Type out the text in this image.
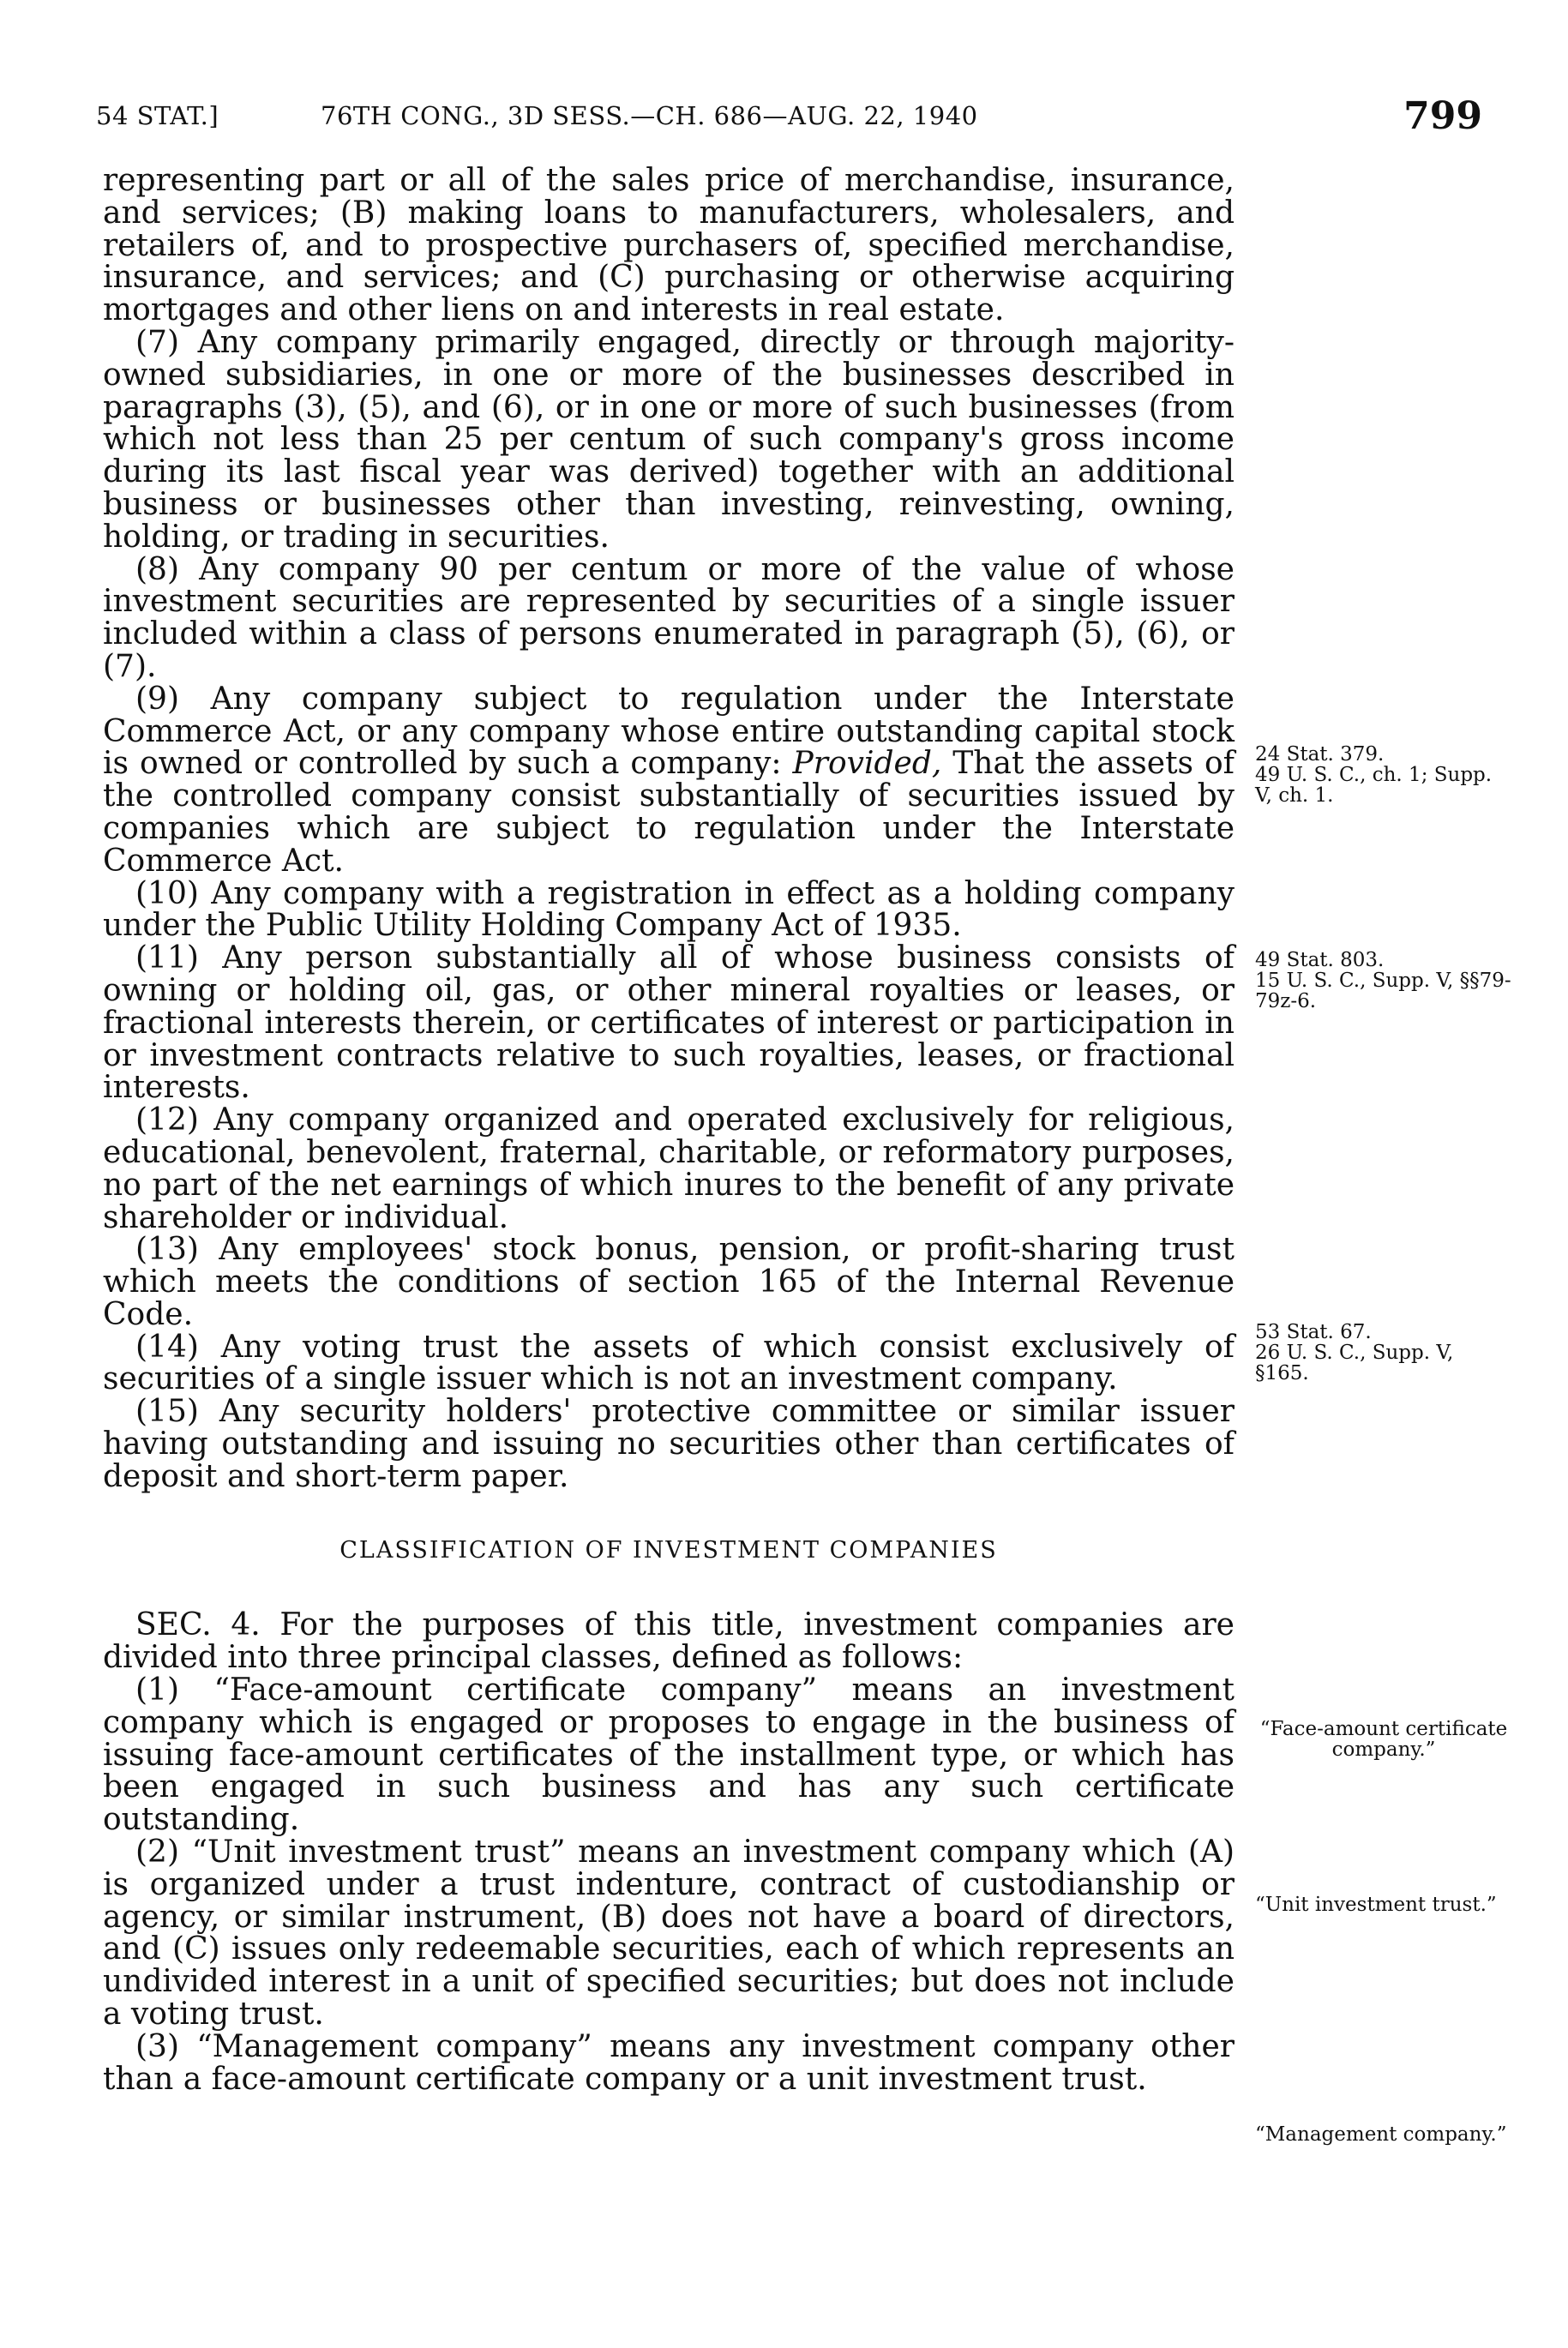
54 STAT.]	76TH CONG., 3D SESS.—CH. 686—AUG. 22, 1940	799

representing part or all of the sales price of merchandise, insurance, and services; (B) making loans to manufacturers, wholesalers, and retailers of, and to prospective purchasers of, specified merchandise, insurance, and services; and (C) purchasing or otherwise acquiring mortgages and other liens on and interests in real estate.

(7) Any company primarily engaged, directly or through majority-owned subsidiaries, in one or more of the businesses described in paragraphs (3), (5), and (6), or in one or more of such businesses (from which not less than 25 per centum of such company's gross income during its last fiscal year was derived) together with an additional business or businesses other than investing, reinvesting, owning, holding, or trading in securities.

(8) Any company 90 per centum or more of the value of whose investment securities are represented by securities of a single issuer included within a class of persons enumerated in paragraph (5), (6), or (7).

(9) Any company subject to regulation under the Interstate Commerce Act, or any company whose entire outstanding capital stock is owned or controlled by such a company: Provided, That the assets of the controlled company consist substantially of securities issued by companies which are subject to regulation under the Interstate Commerce Act.

(10) Any company with a registration in effect as a holding company under the Public Utility Holding Company Act of 1935.

(11) Any person substantially all of whose business consists of owning or holding oil, gas, or other mineral royalties or leases, or fractional interests therein, or certificates of interest or participation in or investment contracts relative to such royalties, leases, or fractional interests.

(12) Any company organized and operated exclusively for religious, educational, benevolent, fraternal, charitable, or reformatory purposes, no part of the net earnings of which inures to the benefit of any private shareholder or individual.

(13) Any employees' stock bonus, pension, or profit-sharing trust which meets the conditions of section 165 of the Internal Revenue Code.

(14) Any voting trust the assets of which consist exclusively of securities of a single issuer which is not an investment company.

(15) Any security holders' protective committee or similar issuer having outstanding and issuing no securities other than certificates of deposit and short-term paper.

CLASSIFICATION OF INVESTMENT COMPANIES

SEC. 4. For the purposes of this title, investment companies are divided into three principal classes, defined as follows:

(1) “Face-amount certificate company” means an investment company which is engaged or proposes to engage in the business of issuing face-amount certificates of the installment type, or which has been engaged in such business and has any such certificate outstanding.

(2) “Unit investment trust” means an investment company which (A) is organized under a trust indenture, contract of custodianship or agency, or similar instrument, (B) does not have a board of directors, and (C) issues only redeemable securities, each of which represents an undivided interest in a unit of specified securities; but does not include a voting trust.

(3) “Management company” means any investment company other than a face-amount certificate company or a unit investment trust.

24 Stat. 379.
49 U. S. C., ch. 1; Supp. V, ch. 1.
49 Stat. 803.
15 U. S. C., Supp. V, §§79-79z-6.
53 Stat. 67.
26 U. S. C., Supp. V, §165.
“Face-amount certificate company.”
“Unit investment trust.”
“Management company.”
